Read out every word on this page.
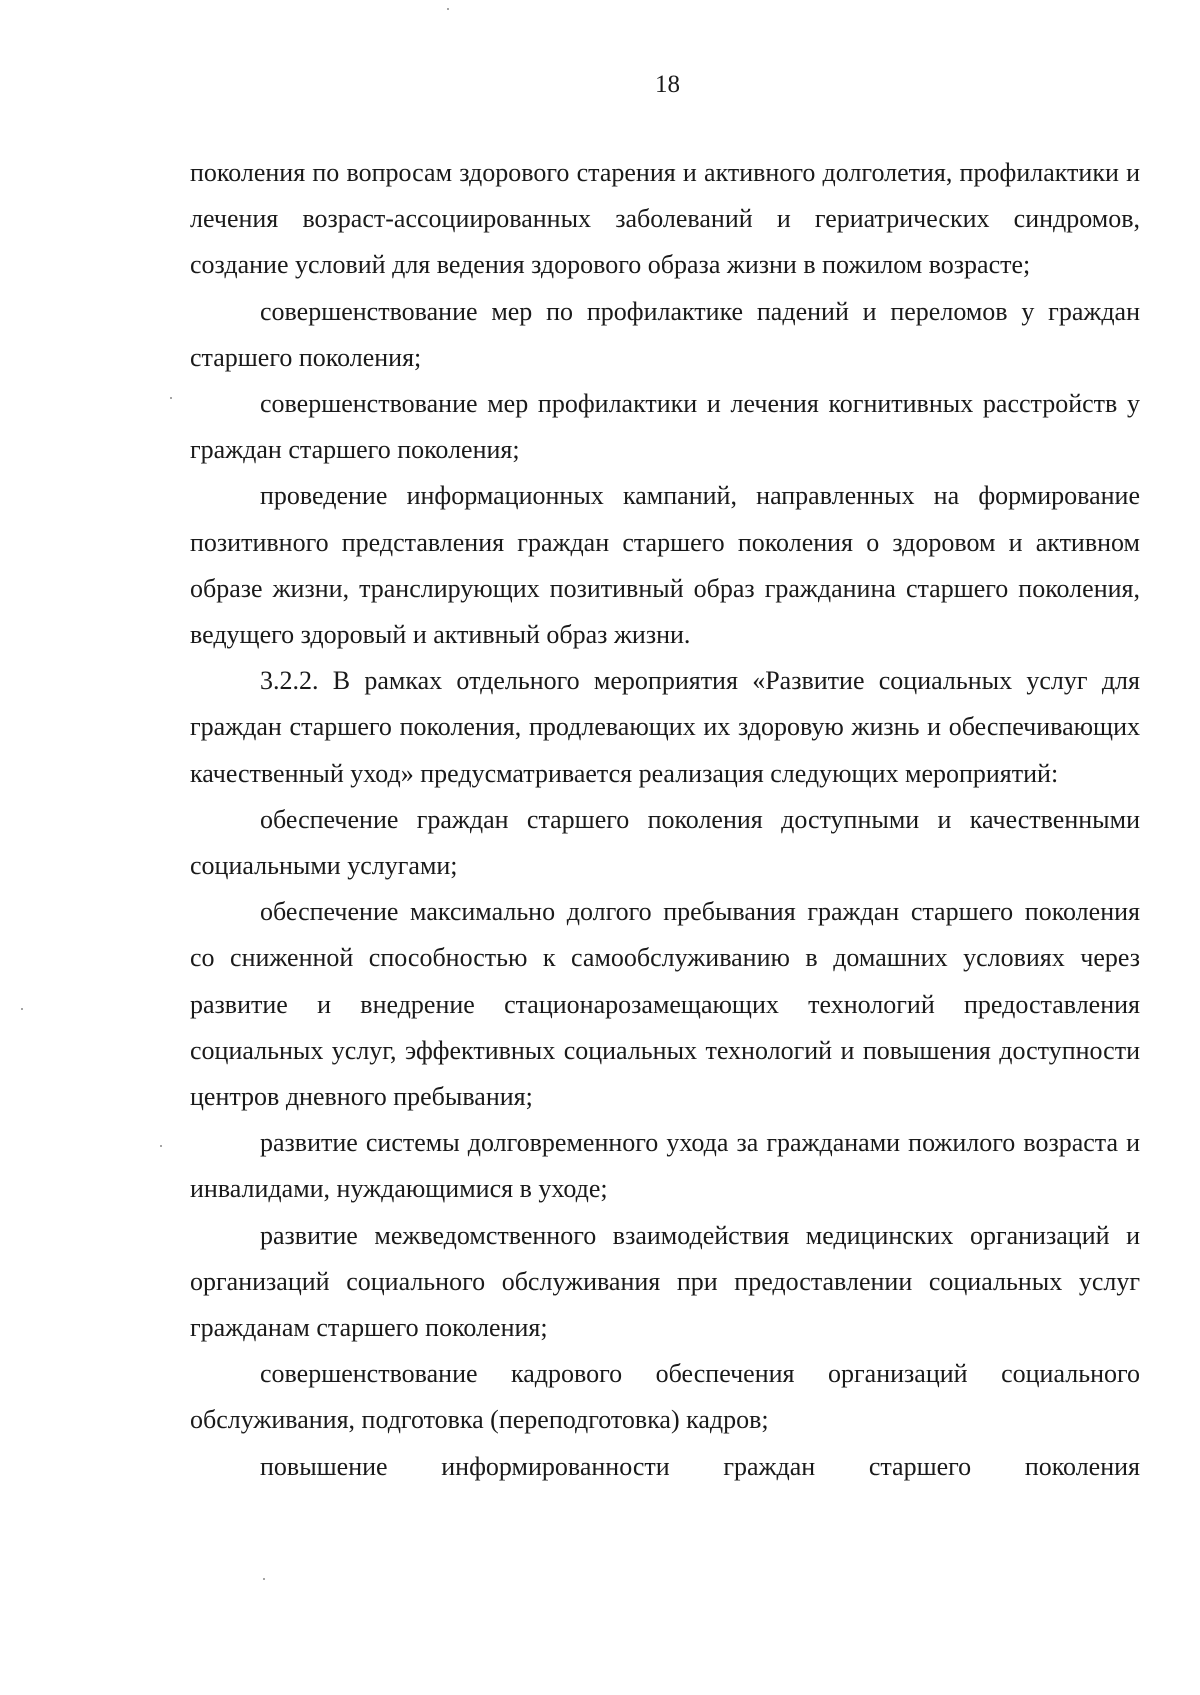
18

поколения по вопросам здорового старения и активного долголетия, профилактики и лечения возраст-ассоциированных заболеваний и гериатрических синдромов, создание условий для ведения здорового образа жизни в пожилом возрасте;

совершенствование мер по профилактике падений и переломов у граждан старшего поколения;

совершенствование мер профилактики и лечения когнитивных расстройств у граждан старшего поколения;

проведение информационных кампаний, направленных на формирование позитивного представления граждан старшего поколения о здоровом и активном образе жизни, транслирующих позитивный образ гражданина старшего поколения, ведущего здоровый и активный образ жизни.

3.2.2. В рамках отдельного мероприятия «Развитие социальных услуг для граждан старшего поколения, продлевающих их здоровую жизнь и обеспечивающих качественный уход» предусматривается реализация следующих мероприятий:

обеспечение граждан старшего поколения доступными и качественными социальными услугами;

обеспечение максимально долгого пребывания граждан старшего поколения со сниженной способностью к самообслуживанию в домашних условиях через развитие и внедрение стационарозамещающих технологий предоставления социальных услуг, эффективных социальных технологий и повышения доступности центров дневного пребывания;

развитие системы долговременного ухода за гражданами пожилого возраста и инвалидами, нуждающимися в уходе;

развитие межведомственного взаимодействия медицинских организаций и организаций социального обслуживания при предоставлении социальных услуг гражданам старшего поколения;

совершенствование кадрового обеспечения организаций социального обслуживания, подготовка (переподготовка) кадров;

повышение информированности граждан старшего поколения
